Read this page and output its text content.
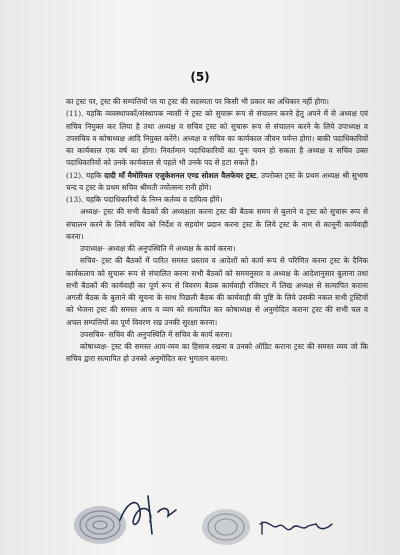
(5)

का ट्रस्ट पर, ट्रस्ट की सम्पत्तियों पर या ट्रस्ट की सदस्यता पर किसी भी प्रकार का अधिकार नहीं होगा।

(11). यहकि व्यवस्थापकों/संस्थापक न्यासी ने ट्रस्ट को सुचारू रूप से संचालन करने हेतु अपने में से अध्यक्ष एवं सचिव नियुक्त कर लिया है तथा अध्यक्ष व सचिव ट्रस्ट को सुचारू रूप से संचालन करने के लिये उपाध्यक्ष व उपसचिव व कोषाध्यक्ष आदि नियुक्त करेंगे। अध्यक्ष व सचिव का कार्यकाल जीवन पर्यन्त होगा। बाकी पदाधिकारियों का कार्यकाल एक वर्ष का होगा। निवर्तमान पदाधिकारियों का पुनः चयन हो सकता है अध्यक्ष व सचिव उक्त पदाधिकारियों को उनके कार्यकाल से पहले भी उनके पद से हटा सकते है।

(12). यहकि दादी माँ मैमोरियल एजुकेशनल एण्ड सोशल वैलफेयर ट्रस्ट, उपरोक्त ट्रस्ट के प्रथम अध्यक्ष श्री सुभाष चन्द व ट्रस्ट के प्रथम सचिव श्रीमती ज्योत्सना रानी होंगे।

(13). यहकि पदाधिकारियों के निम्न कर्तव्य व दायित्व होंगे।

अध्यक्ष- ट्रस्ट की सभी बैठकों की अध्यक्षता करना ट्रस्ट की बैठक समय से बुलाने व ट्रस्ट को सुचारू रूप से संचालन करने के लिये सचिव को निर्देश व सहयोग प्रदान करना ट्रस्ट के लिये ट्रस्ट के नाम से कानूनी कार्यवाही करना।

उपाध्यक्ष- अध्यक्ष की अनुपस्थिति में अध्यक्ष के कार्य करना।

सचिव- ट्रस्ट की बैठकों में पारित समस्त प्रस्ताव व आदेशों को कार्य रूप से परिणित करना ट्रस्ट के दैनिक कार्यकलाप को सुचारू रूप से संचालित करना सभी बैठकों को समयनुसार व अध्यक्ष के आदेशानुसार बुलाना तथा सभी बैठकों की कार्यवाही का पूर्ण रूप से विवरण बैठक कार्यवाही रजिस्टर में लिख अध्यक्ष से सत्यापित कराना अगली बैठक के बुलाने की सूचना के साथ पिछली बैठक की कार्यवाही की पुष्टि के लिये उसकी नकल सभी ट्रस्टियों को भेजना ट्रस्ट की समस्त आय व व्यय को सत्यापित कर कोषाध्यक्ष से अनुमोदित कराना ट्रस्ट की सभी चल व अचल सम्पत्तियों का पूर्ण विवरण रख उनकी सुरक्षा करना।

उपसचिव- सचिव की अनुपस्थिति में सचिव के कार्य करना।

कोषाध्यक्ष- ट्रस्ट की समस्त आय-व्यय का हिसाब रखना व उनको ऑडिट कराना ट्रस्ट की समस्त व्यय जो कि सचिव द्वारा सत्यापित हो उनको अनुमोदित कर भुगतान करना।
